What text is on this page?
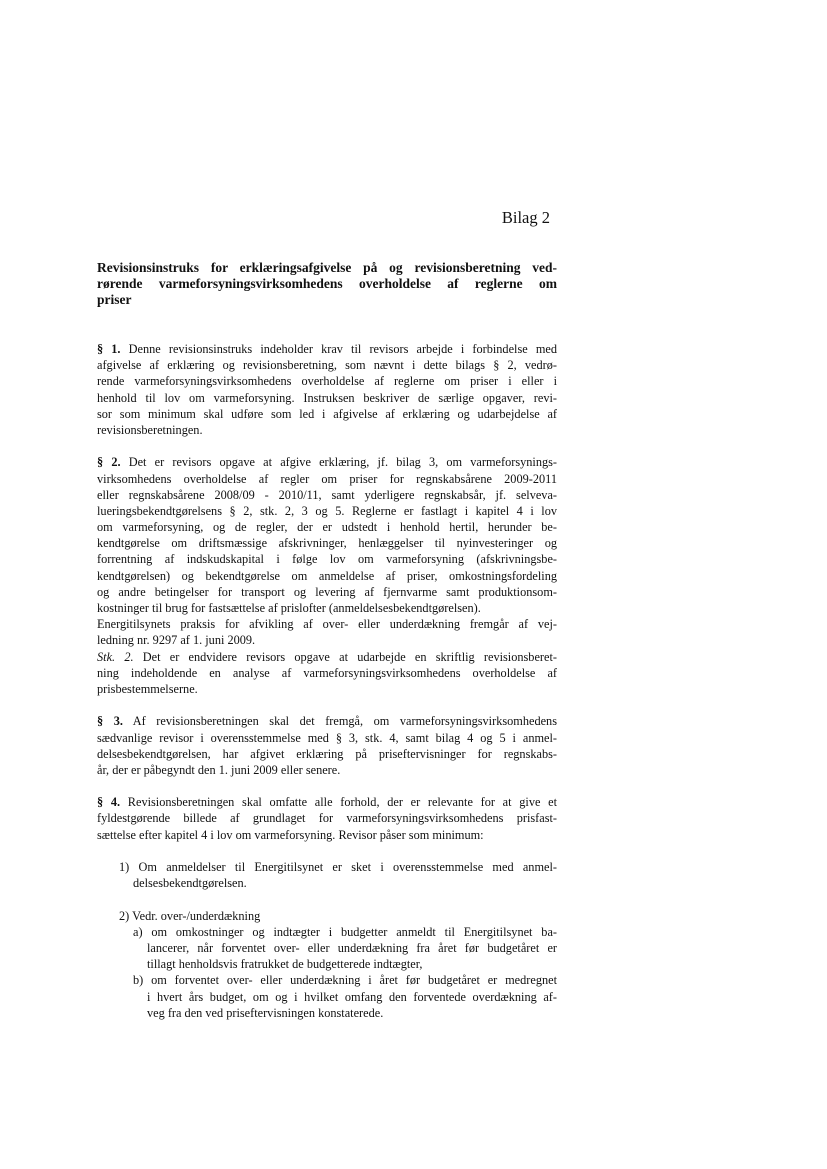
Bilag 2
Revisionsinstruks for erklæringsafgivelse på og revisionsberetning ved-
rørende varmeforsyningsvirksomhedens overholdelse af reglerne om
priser
§ 1. Denne revisionsinstruks indeholder krav til revisors arbejde i forbindelse med
afgivelse af erklæring og revisionsberetning, som nævnt i dette bilags § 2, vedrø-
rende varmeforsyningsvirksomhedens overholdelse af reglerne om priser i eller i
henhold til lov om varmeforsyning. Instruksen beskriver de særlige opgaver, revi-
sor som minimum skal udføre som led i afgivelse af erklæring og udarbejdelse af
revisionsberetningen.
§ 2. Det er revisors opgave at afgive erklæring, jf. bilag 3, om varmeforsynings-
virksomhedens overholdelse af regler om priser for regnskabsårene 2009-2011
eller regnskabsårene 2008/09 - 2010/11, samt yderligere regnskabsår, jf. selveva-
lueringsbekendtgørelsens § 2, stk. 2, 3 og 5. Reglerne er fastlagt i kapitel 4 i lov
om varmeforsyning, og de regler, der er udstedt i henhold hertil, herunder be-
kendtgørelse om driftsmæssige afskrivninger, henlæggelser til nyinvesteringer og
forrentning af indskudskapital i følge lov om varmeforsyning (afskrivningsbe-
kendtgørelsen) og bekendtgørelse om anmeldelse af priser, omkostningsfordeling
og andre betingelser for transport og levering af fjernvarme samt produktionsom-
kostninger til brug for fastsættelse af prislofter (anmeldelsesbekendtgørelsen).
Energitilsynets praksis for afvikling af over- eller underdækning fremgår af vej-
ledning nr. 9297 af 1. juni 2009.
Stk. 2. Det er endvidere revisors opgave at udarbejde en skriftlig revisionsberet-
ning indeholdende en analyse af varmeforsyningsvirksomhedens overholdelse af
prisbestemmelserne.
§ 3. Af revisionsberetningen skal det fremgå, om varmeforsyningsvirksomhedens
sædvanlige revisor i overensstemmelse med § 3, stk. 4, samt bilag 4 og 5 i anmel-
delsesbekendtgørelsen, har afgivet erklæring på priseftervisninger for regnskabs-
år, der er påbegyndt den 1. juni 2009 eller senere.
§ 4. Revisionsberetningen skal omfatte alle forhold, der er relevante for at give et
fyldestgørende billede af grundlaget for varmeforsyningsvirksomhedens prisfast-
sættelse efter kapitel 4 i lov om varmeforsyning. Revisor påser som minimum:
1) Om anmeldelser til Energitilsynet er sket i overensstemmelse med anmel-
delsesbekendtgørelsen.
2) Vedr. over-/underdækning
a) om omkostninger og indtægter i budgetter anmeldt til Energitilsynet ba-
lancerer, når forventet over- eller underdækning fra året før budgetåret er
tillagt henholdsvis fratrukket de budgetterede indtægter,
b) om forventet over- eller underdækning i året før budgetåret er medregnet
i hvert års budget, om og i hvilket omfang den forventede overdækning af-
veg fra den ved priseftervisningen konstaterede.
